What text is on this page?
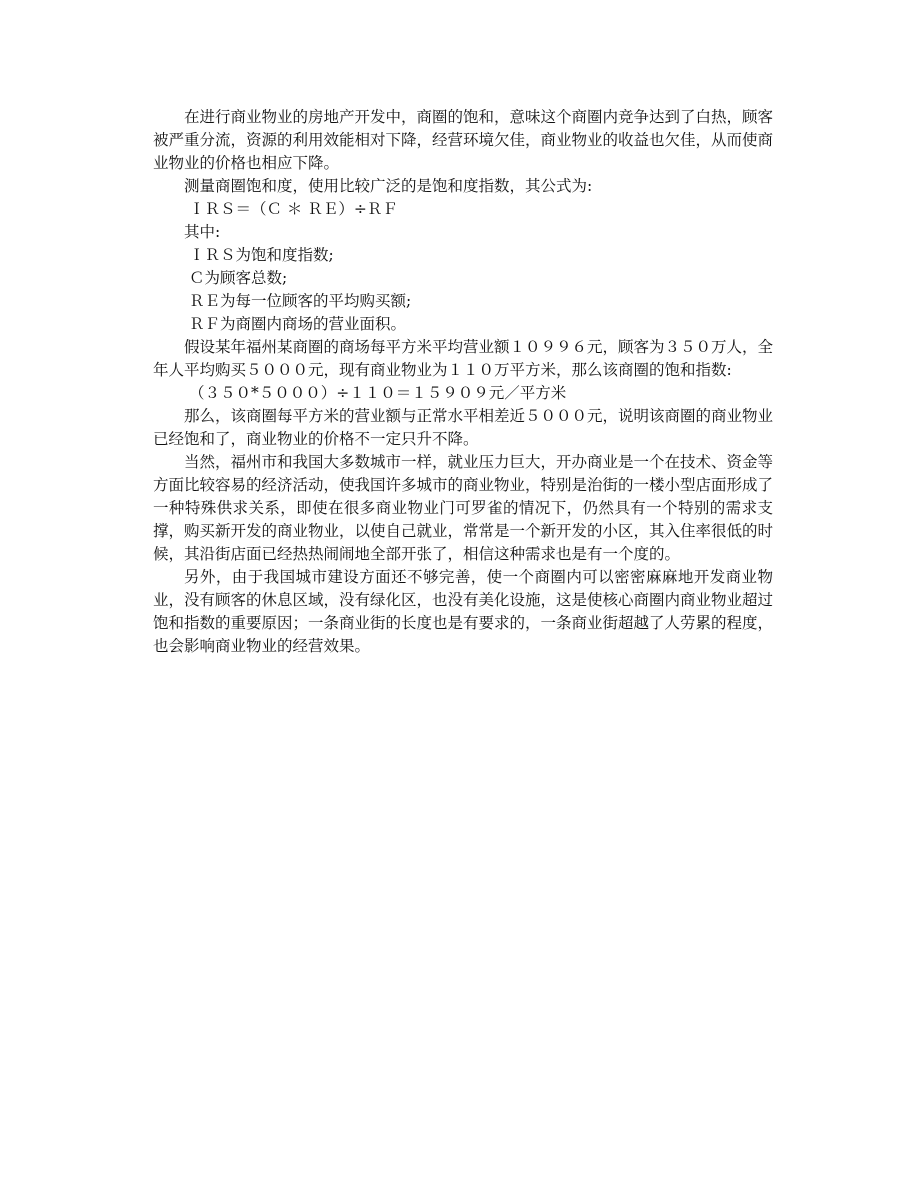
在进行商业物业的房地产开发中，商圈的饱和，意味这个商圈内竞争达到了白热，顾客被严重分流，资源的利用效能相对下降，经营环境欠佳，商业物业的收益也欠佳，从而使商业物业的价格也相应下降。

测量商圈饱和度，使用比较广泛的是饱和度指数，其公式为:

ＩＲＳ＝（Ｃ ＊ ＲＥ）÷ＲＦ

其中:

ＩＲＳ为饱和度指数;

Ｃ为顾客总数;

ＲＥ为每一位顾客的平均购买额;

ＲＦ为商圈内商场的营业面积。

假设某年福州某商圈的商场每平方米平均营业额１０９９６元，顾客为３５０万人，全年人平均购买５０００元，现有商业物业为１１０万平方米，那么该商圈的饱和指数:

（３５０*５０００）÷１１０＝１５９０９元／平方米

那么，该商圈每平方米的营业额与正常水平相差近５０００元，说明该商圈的商业物业已经饱和了，商业物业的价格不一定只升不降。

当然，福州市和我国大多数城市一样，就业压力巨大，开办商业是一个在技术、资金等方面比较容易的经济活动，使我国许多城市的商业物业，特别是治街的一楼小型店面形成了一种特殊供求关系，即使在很多商业物业门可罗雀的情况下，仍然具有一个特别的需求支撑，购买新开发的商业物业，以使自己就业，常常是一个新开发的小区，其入住率很低的时候，其沿街店面已经热热闹闹地全部开张了，相信这种需求也是有一个度的。

另外，由于我国城市建设方面还不够完善，使一个商圈内可以密密麻麻地开发商业物业，没有顾客的休息区域，没有绿化区，也没有美化设施，这是使核心商圈内商业物业超过饱和指数的重要原因；一条商业街的长度也是有要求的，一条商业街超越了人劳累的程度，也会影响商业物业的经营效果。
